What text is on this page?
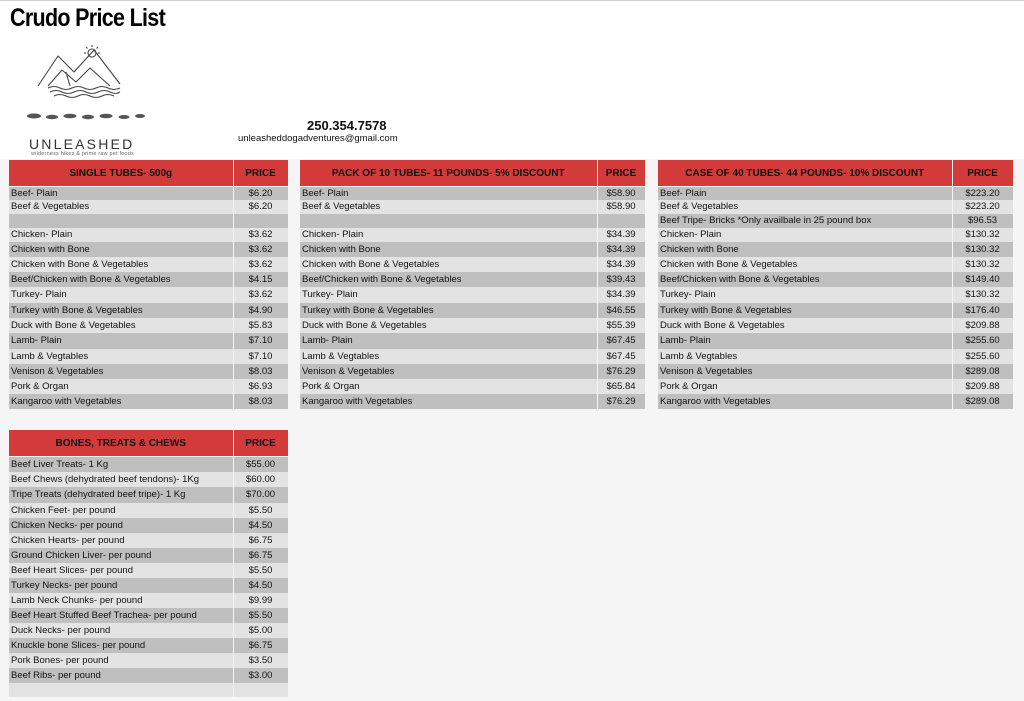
Crudo Price List
UNLEASHED
wilderness hikes & prime raw pet foods
250.354.7578
unleasheddogadventures@gmail.com
SINGLE TUBES- 500g	PRICE
Beef- Plain	$6.20
Beef & Vegetables	$6.20

Chicken- Plain	$3.62
Chicken with Bone	$3.62
Chicken with Bone & Vegetables	$3.62
Beef/Chicken with Bone & Vegetables	$4.15
Turkey- Plain	$3.62
Turkey with Bone & Vegetables	$4.90
Duck with Bone & Vegetables	$5.83
Lamb- Plain	$7.10
Lamb & Vegtables	$7.10
Venison & Vegetables	$8.03
Pork & Organ	$6.93
Kangaroo with Vegetables	$8.03
PACK OF 10 TUBES- 11 POUNDS- 5% DISCOUNT	PRICE
Beef- Plain	$58.90
Beef & Vegetables	$58.90

Chicken- Plain	$34.39
Chicken with Bone	$34.39
Chicken with Bone & Vegetables	$34.39
Beef/Chicken with Bone & Vegetables	$39.43
Turkey- Plain	$34.39
Turkey with Bone & Vegetables	$46.55
Duck with Bone & Vegetables	$55.39
Lamb- Plain	$67.45
Lamb & Vegtables	$67.45
Venison & Vegetables	$76.29
Pork & Organ	$65.84
Kangaroo with Vegetables	$76.29
CASE OF 40 TUBES- 44 POUNDS- 10% DISCOUNT	PRICE
Beef- Plain	$223.20
Beef & Vegetables	$223.20
Beef Tripe- Bricks *Only availbale in 25 pound box	$96.53
Chicken- Plain	$130.32
Chicken with Bone	$130.32
Chicken with Bone & Vegetables	$130.32
Beef/Chicken with Bone & Vegetables	$149.40
Turkey- Plain	$130.32
Turkey with Bone & Vegetables	$176.40
Duck with Bone & Vegetables	$209.88
Lamb- Plain	$255.60
Lamb & Vegtables	$255.60
Venison & Vegetables	$289.08
Pork & Organ	$209.88
Kangaroo with Vegetables	$289.08
BONES, TREATS & CHEWS	PRICE
Beef Liver Treats- 1 Kg	$55.00
Beef Chews (dehydrated beef tendons)- 1Kg	$60.00
Tripe Treats (dehydrated beef tripe)- 1 Kg	$70.00
Chicken Feet- per pound	$5.50
Chicken Necks- per pound	$4.50
Chicken Hearts- per pound	$6.75
Ground Chicken Liver- per pound	$6.75
Beef Heart Slices- per pound	$5.50
Turkey Necks- per pound	$4.50
Lamb Neck Chunks- per pound	$9.99
Beef Heart Stuffed Beef Trachea- per pound	$5.50
Duck Necks- per pound	$5.00
Knuckle bone Slices- per pound	$6.75
Pork Bones- per pound	$3.50
Beef Ribs- per pound	$3.00
